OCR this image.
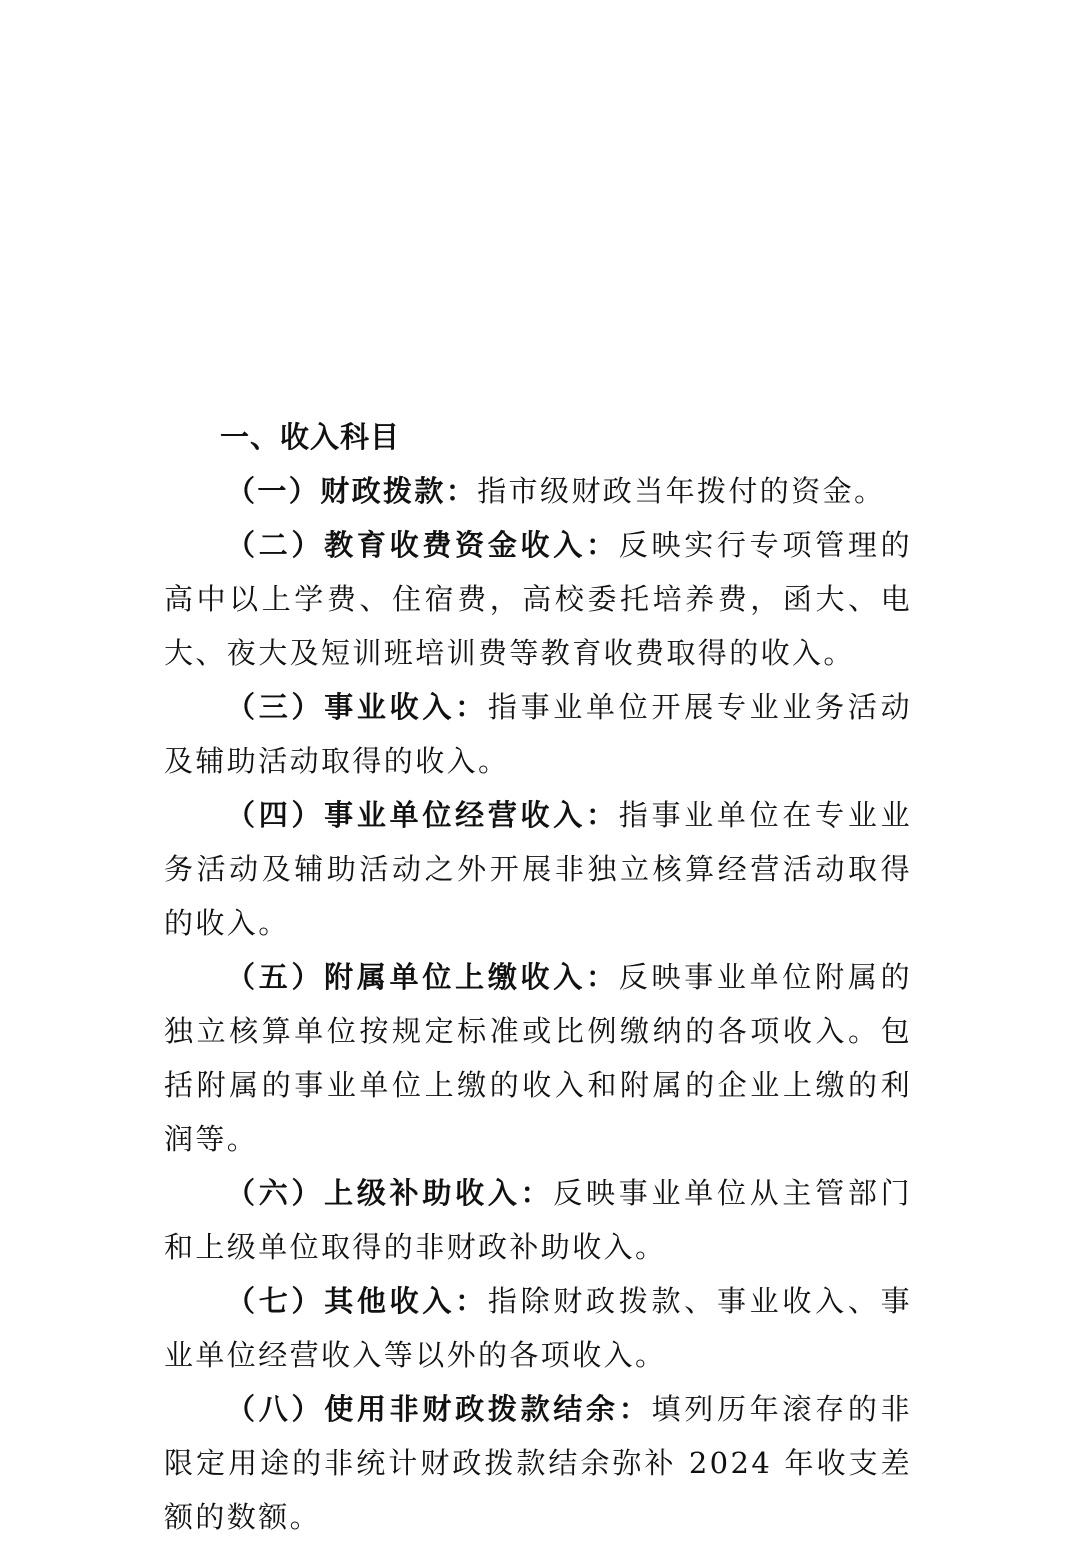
一、收入科目

（一）财政拨款：指市级财政当年拨付的资金。

（二）教育收费资金收入：反映实行专项管理的高中以上学费、住宿费，高校委托培养费，函大、电大、夜大及短训班培训费等教育收费取得的收入。

（三）事业收入：指事业单位开展专业业务活动及辅助活动取得的收入。

（四）事业单位经营收入：指事业单位在专业业务活动及辅助活动之外开展非独立核算经营活动取得的收入。

（五）附属单位上缴收入：反映事业单位附属的独立核算单位按规定标准或比例缴纳的各项收入。包括附属的事业单位上缴的收入和附属的企业上缴的利润等。

（六）上级补助收入：反映事业单位从主管部门和上级单位取得的非财政补助收入。

（七）其他收入：指除财政拨款、事业收入、事业单位经营收入等以外的各项收入。

（八）使用非财政拨款结余：填列历年滚存的非限定用途的非统计财政拨款结余弥补 2024 年收支差额的数额。
